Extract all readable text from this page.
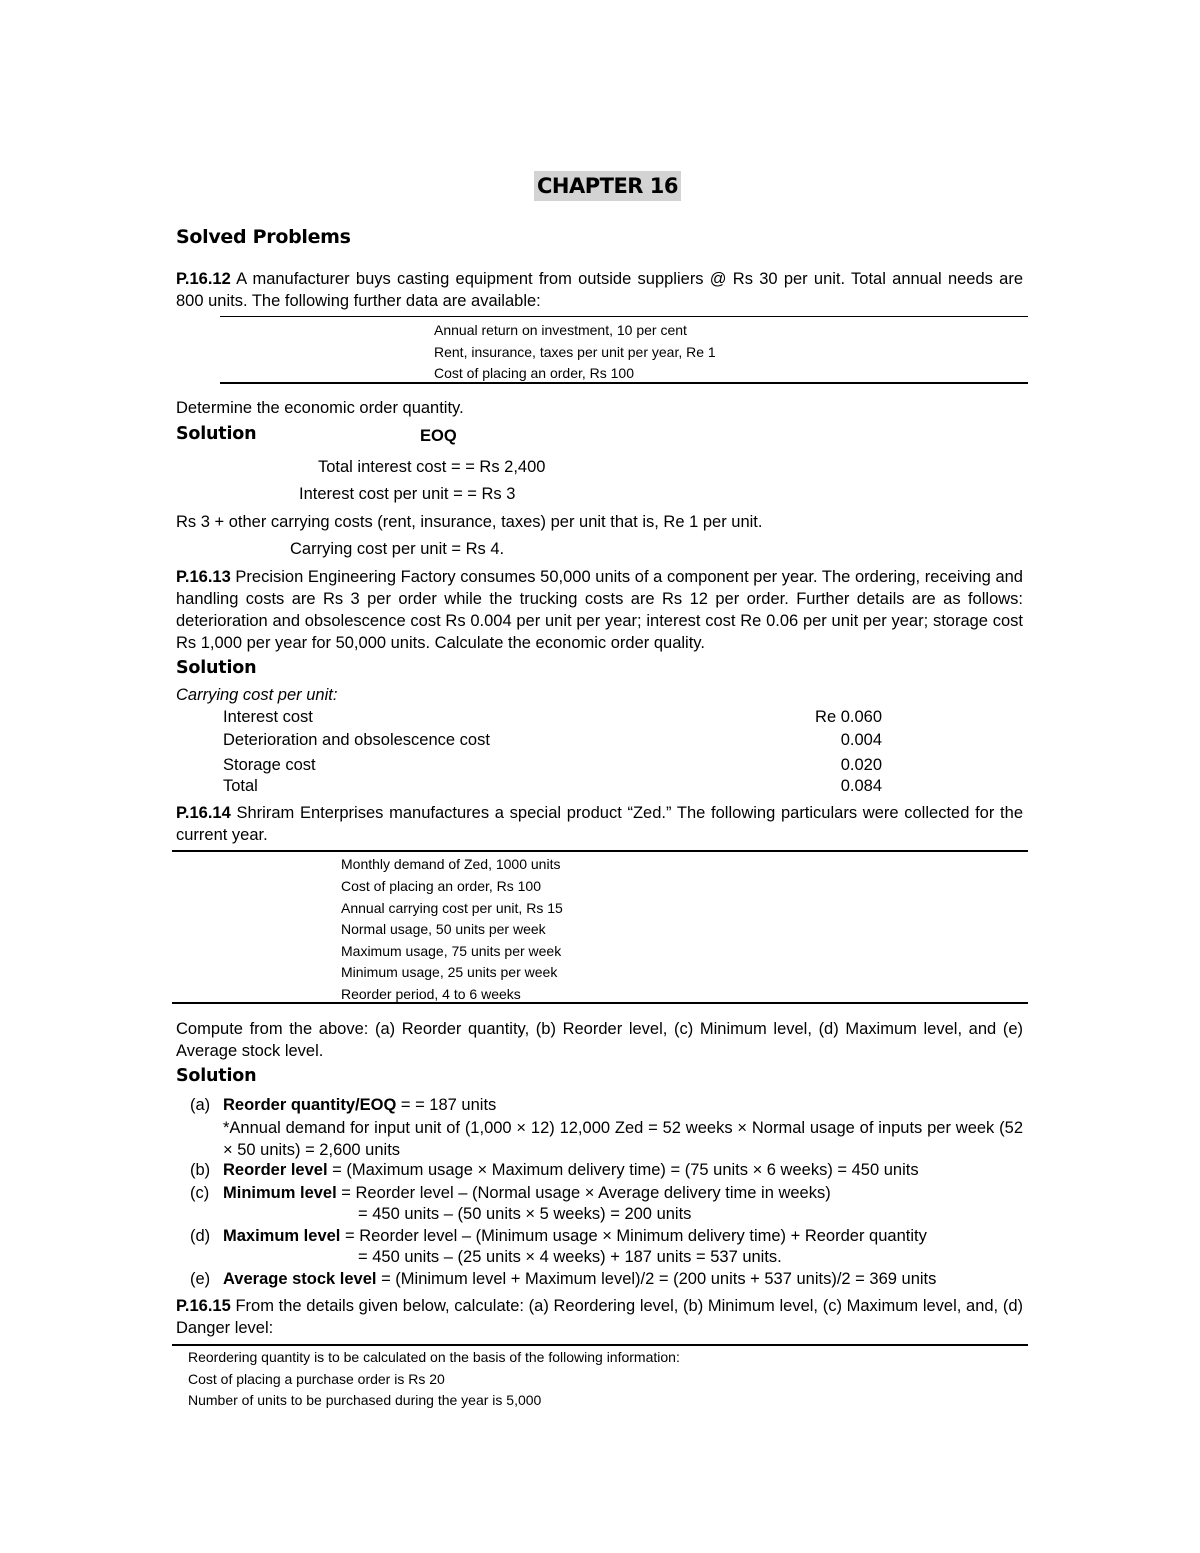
CHAPTER 16
Solved Problems
P.16.12 A manufacturer buys casting equipment from outside suppliers @ Rs 30 per unit. Total annual needs are 800 units. The following further data are available:
Annual return on investment, 10 per cent
Rent, insurance, taxes per unit per year, Re 1
Cost of placing an order, Rs 100
Determine the economic order quantity.
Solution	EOQ
Total interest cost = = Rs 2,400
Interest cost per unit = = Rs 3
Rs 3 + other carrying costs (rent, insurance, taxes) per unit that is, Re 1 per unit.
Carrying cost per unit = Rs 4.
P.16.13 Precision Engineering Factory consumes 50,000 units of a component per year. The ordering, receiving and handling costs are Rs 3 per order while the trucking costs are Rs 12 per order. Further details are as follows: deterioration and obsolescence cost Rs 0.004 per unit per year; interest cost Re 0.06 per unit per year; storage cost Rs 1,000 per year for 50,000 units. Calculate the economic order quality.
Solution
Carrying cost per unit:
Interest cost	Re 0.060
Deterioration and obsolescence cost	0.004
Storage cost	0.020
Total	0.084
P.16.14 Shriram Enterprises manufactures a special product “Zed.” The following particulars were collected for the current year.
Monthly demand of Zed, 1000 units
Cost of placing an order, Rs 100
Annual carrying cost per unit, Rs 15
Normal usage, 50 units per week
Maximum usage, 75 units per week
Minimum usage, 25 units per week
Reorder period, 4 to 6 weeks
Compute from the above: (a) Reorder quantity, (b) Reorder level, (c) Minimum level, (d) Maximum level, and (e) Average stock level.
Solution
(a) Reorder quantity/EOQ = = 187 units
*Annual demand for input unit of (1,000 × 12) 12,000 Zed = 52 weeks × Normal usage of inputs per week (52 × 50 units) = 2,600 units
(b) Reorder level = (Maximum usage × Maximum delivery time) = (75 units × 6 weeks) = 450 units
(c) Minimum level = Reorder level – (Normal usage × Average delivery time in weeks)
= 450 units – (50 units × 5 weeks) = 200 units
(d) Maximum level = Reorder level – (Minimum usage × Minimum delivery time) + Reorder quantity
= 450 units – (25 units × 4 weeks) + 187 units = 537 units.
(e) Average stock level = (Minimum level + Maximum level)/2 = (200 units + 537 units)/2 = 369 units
P.16.15 From the details given below, calculate: (a) Reordering level, (b) Minimum level, (c) Maximum level, and, (d) Danger level:
Reordering quantity is to be calculated on the basis of the following information:
Cost of placing a purchase order is Rs 20
Number of units to be purchased during the year is 5,000
